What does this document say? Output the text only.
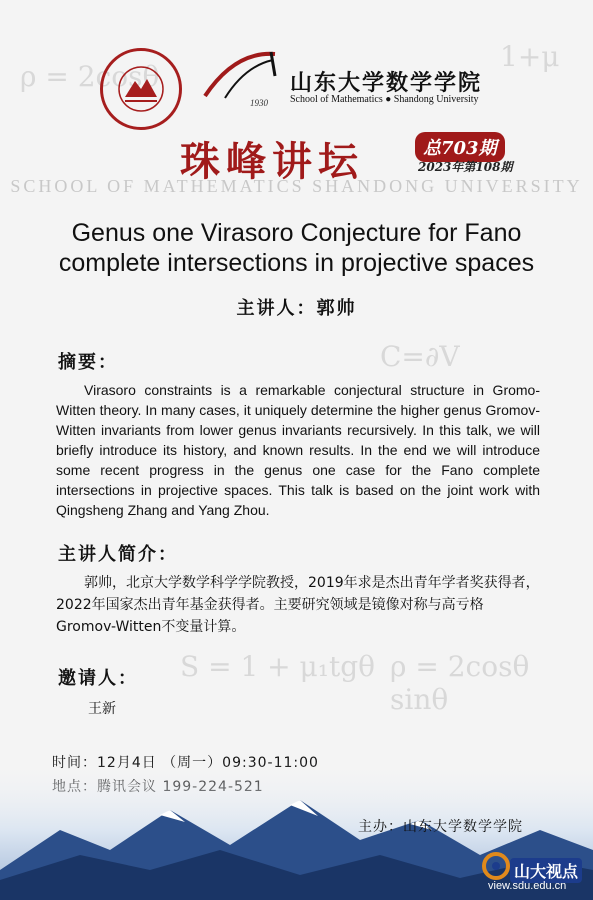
ρ = 2cosθ
1+μ
C=∂V
S = 1 + μ₁tgθ ρ = 2cosθ sinθ
1930
山东大学数学学院
School of Mathematics ● Shandong University
珠峰讲坛	总703期
2023年第108期
SCHOOL OF MATHEMATICS SHANDONG UNIVERSITY
Genus one Virasoro Conjecture for Fano
complete intersections in projective spaces
主讲人：郭帅
摘要：
Virasoro constraints is a remarkable conjectural structure in Gromo-Witten theory. In many cases, it uniquely determine the higher genus Gromov-Witten invariants from lower genus invariants recursively. In this talk, we will briefly introduce its history, and known results. In the end we will introduce some recent progress in the genus one case for the Fano complete intersections in projective spaces. This talk is based on the joint work with Qingsheng Zhang and Yang Zhou.
主讲人简介：
郭帅，北京大学数学科学学院教授，2019年求是杰出青年学者奖获得者，2022年国家杰出青年基金获得者。主要研究领域是镜像对称与高亏格Gromov-Witten不变量计算。
邀请人：
王新
主办：山东大学数学学院
山大视点
view.sdu.edu.cn
